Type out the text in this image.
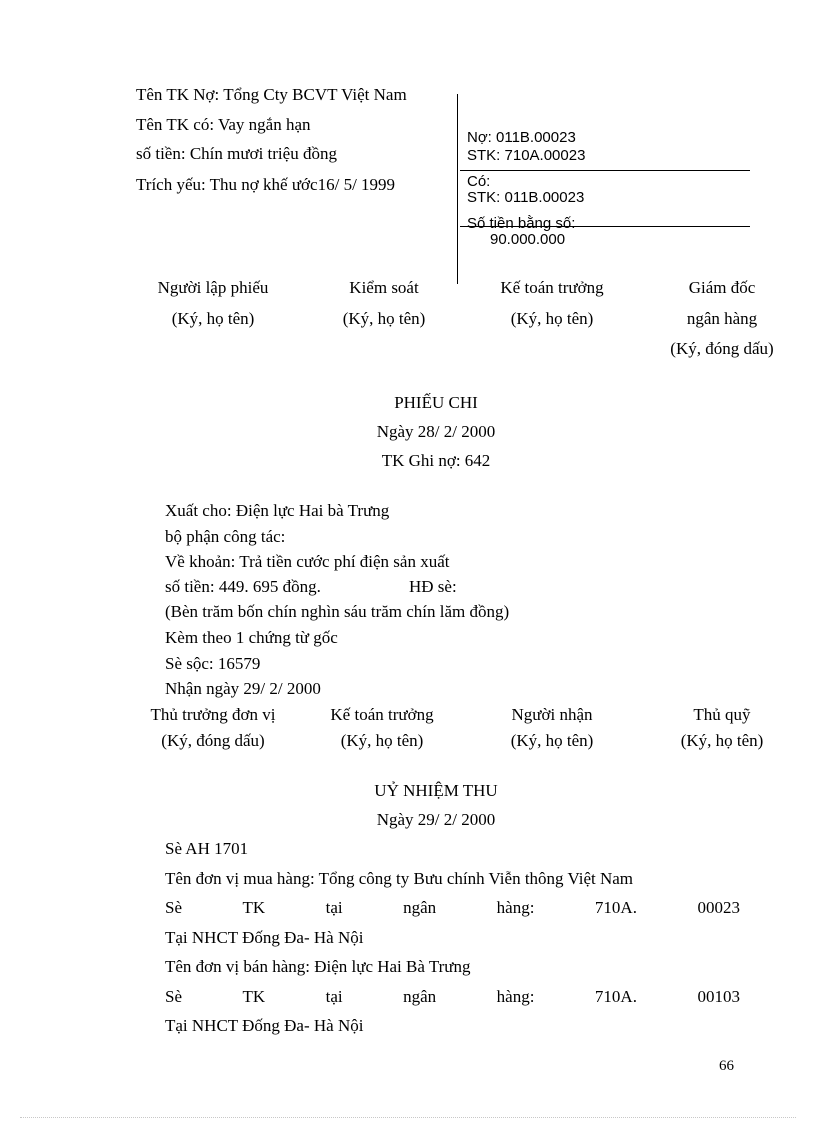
Tên TK Nợ: Tổng Cty BCVT Việt Nam
Tên TK có: Vay ngắn hạn
số tiền: Chín mươi triệu đồng
Trích yếu: Thu nợ khế ước16/ 5/ 1999
Nợ: 011B.00023
STK: 710A.00023
Có:
STK: 011B.00023
Số tiền bằng số:
90.000.000
Người lập phiếu
(Ký, họ tên)
Kiểm soát
(Ký, họ tên)
Kế toán trưởng
(Ký, họ tên)
Giám đốc
ngân hàng
(Ký, đóng dấu)
PHIẾU CHI
Ngày 28/ 2/ 2000
TK Ghi nợ: 642
Xuất cho: Điện lực Hai bà Trưng
bộ phận công tác:
Về khoản: Trả tiền cước phí điện sản xuất
số tiền: 449. 695 đồng.	HĐ sè:
(Bèn trăm bốn chín nghìn sáu trăm chín lăm đồng)
Kèm theo 1 chứng từ gốc
Sè sộc: 16579
Nhận ngày 29/ 2/ 2000
Thủ trưởng đơn vị
(Ký, đóng dấu)
Kế toán trưởng
(Ký, họ tên)
Người nhận
(Ký, họ tên)
Thủ quỹ
(Ký, họ tên)
UỶ NHIỆM THU
Ngày 29/ 2/ 2000
Sè AH 1701
Tên đơn vị mua hàng: Tổng công ty Bưu chính Viễn thông Việt Nam
Sè	TK	tại	ngân	hàng:	710A.	00023
Tại NHCT Đống Đa- Hà Nội
Tên đơn vị bán hàng: Điện lực Hai Bà Trưng
Sè	TK	tại	ngân	hàng:	710A.	00103
Tại NHCT Đống Đa- Hà Nội
66
